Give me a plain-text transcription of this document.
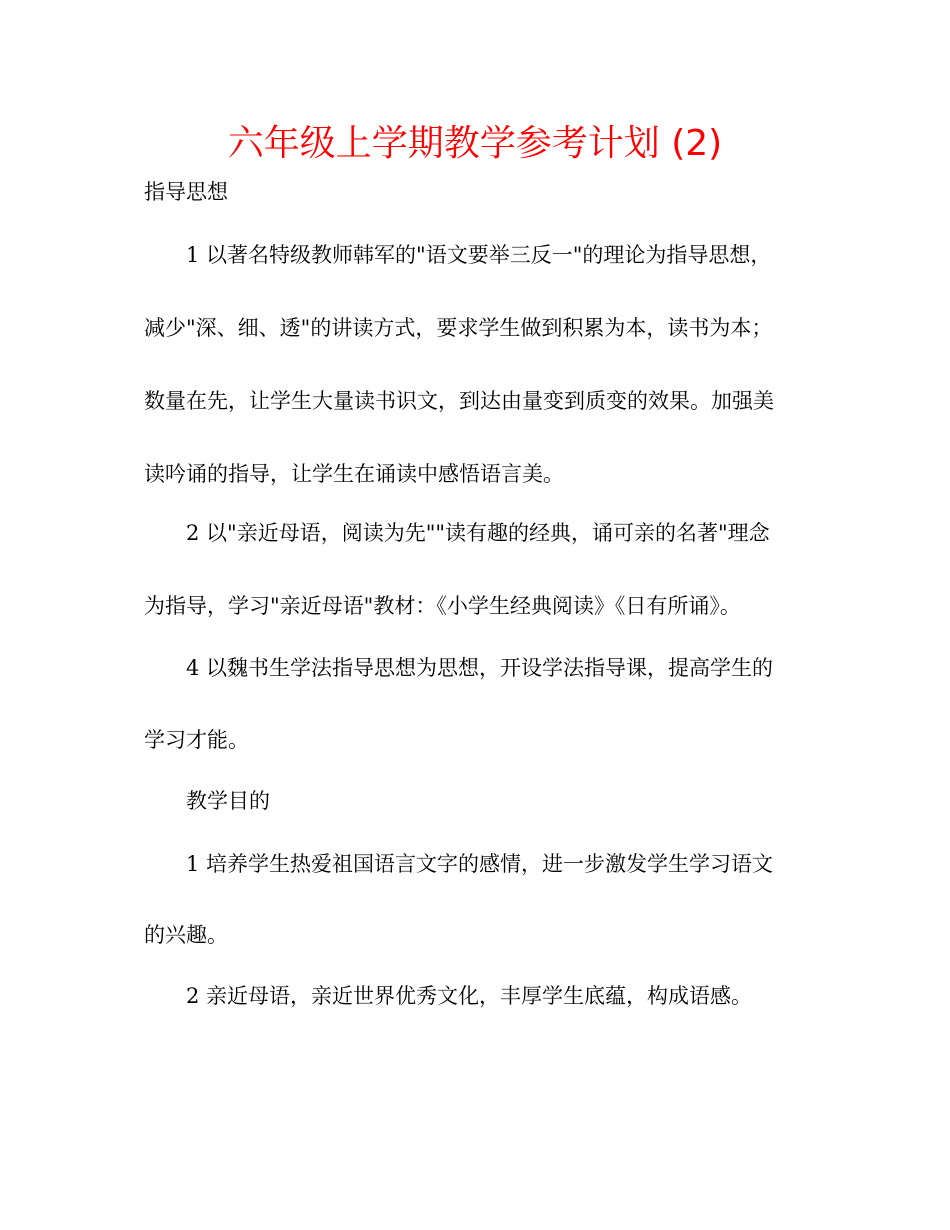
六年级上学期教学参考计划 (2)

指导思想

1 以著名特级教师韩军的"语文要举三反一"的理论为指导思想，

减少"深、细、透"的讲读方式，要求学生做到积累为本，读书为本；

数量在先，让学生大量读书识文，到达由量变到质变的效果。加强美

读吟诵的指导，让学生在诵读中感悟语言美。

2 以"亲近母语，阅读为先""读有趣的经典，诵可亲的名著"理念

为指导，学习"亲近母语"教材：《小学生经典阅读》《日有所诵》。

4 以魏书生学法指导思想为思想，开设学法指导课，提高学生的

学习才能。

教学目的

1 培养学生热爱祖国语言文字的感情，进一步激发学生学习语文

的兴趣。

2 亲近母语，亲近世界优秀文化，丰厚学生底蕴，构成语感。
